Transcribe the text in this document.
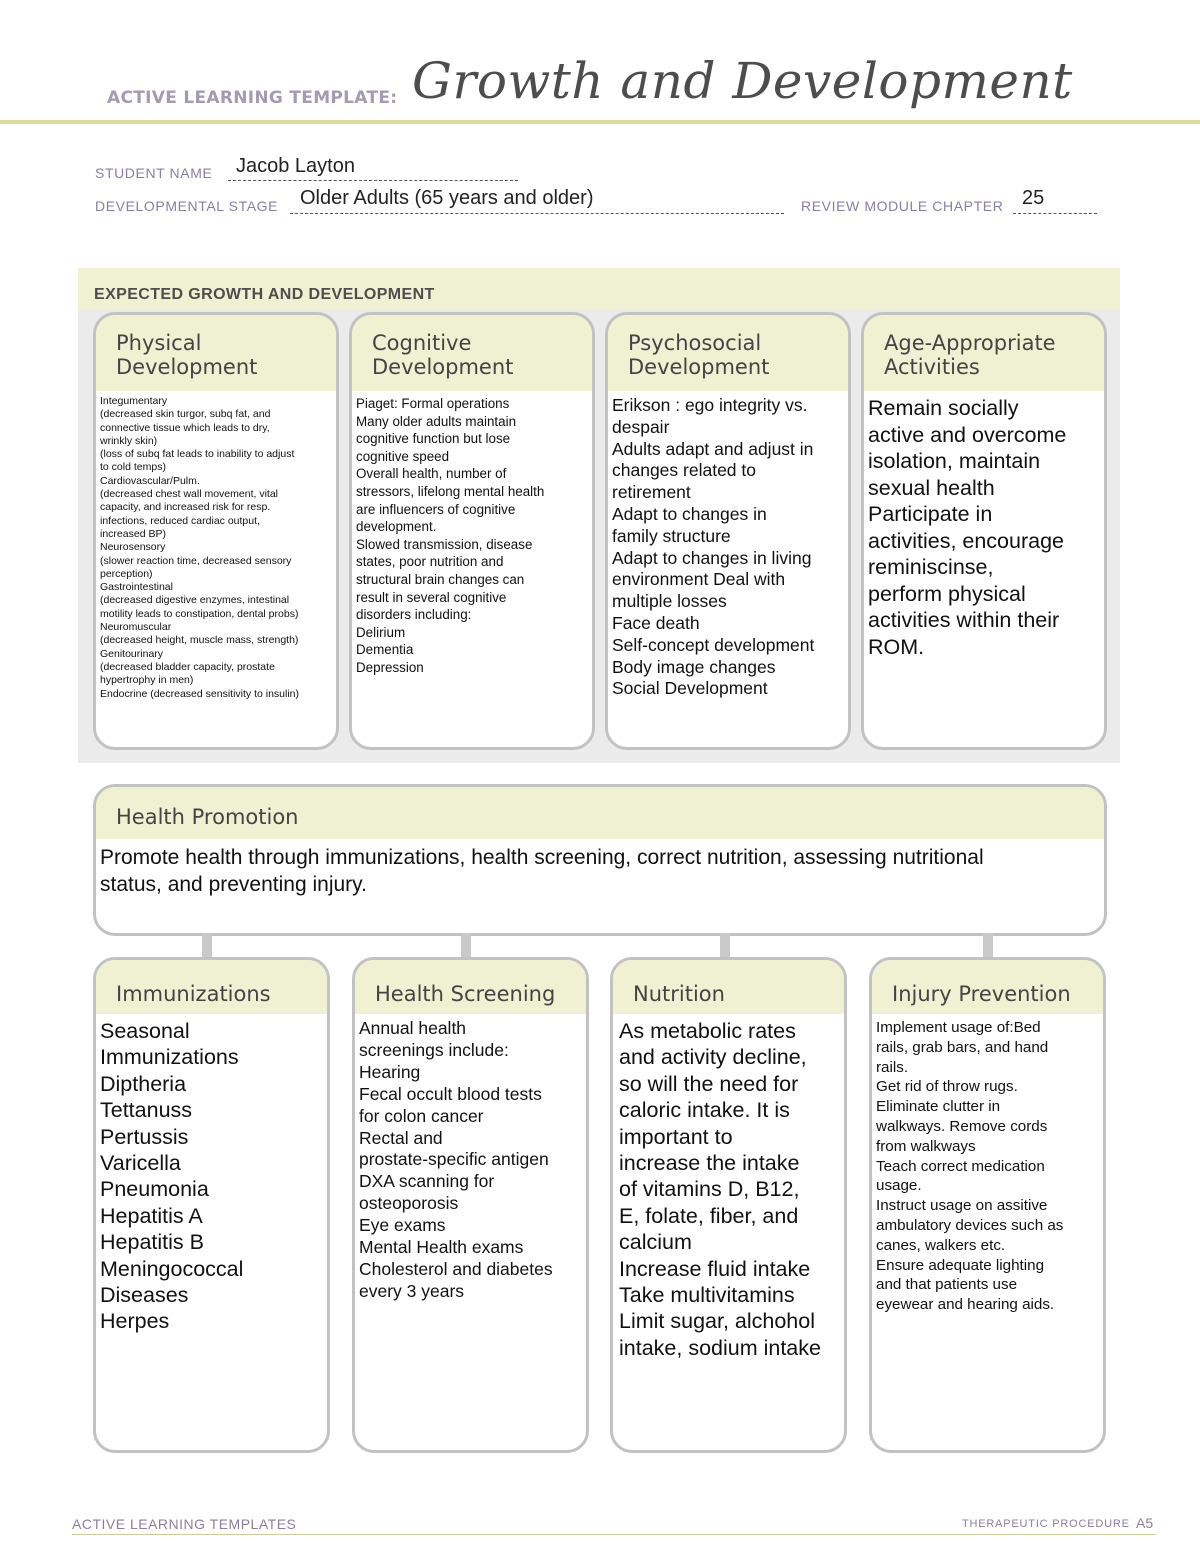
ACTIVE LEARNING TEMPLATE: Growth and Development
STUDENT NAME Jacob Layton
DEVELOPMENTAL STAGE Older Adults (65 years and older)	REVIEW MODULE CHAPTER 25
EXPECTED GROWTH AND DEVELOPMENT
Physical
Development
Integumentary
(decreased skin turgor, subq fat, and
connective tissue which leads to dry,
wrinkly skin)
(loss of subq fat leads to inability to adjust
to cold temps)
Cardiovascular/Pulm.
(decreased chest wall movement, vital
capacity, and increased risk for resp.
infections, reduced cardiac output,
increased BP)
Neurosensory
(slower reaction time, decreased sensory
perception)
Gastrointestinal
(decreased digestive enzymes, intestinal
motility leads to constipation, dental probs)
Neuromuscular
(decreased height, muscle mass, strength)
Genitourinary
(decreased bladder capacity, prostate
hypertrophy in men)
Endocrine (decreased sensitivity to insulin)
Cognitive
Development
Piaget: Formal operations
Many older adults maintain
cognitive function but lose
cognitive speed
Overall health, number of
stressors, lifelong mental health
are influencers of cognitive
development.
Slowed transmission, disease
states, poor nutrition and
structural brain changes can
result in several cognitive
disorders including:
Delirium
Dementia
Depression
Psychosocial
Development
Erikson : ego integrity vs.
despair
Adults adapt and adjust in
changes related to
retirement
Adapt to changes in
family structure
Adapt to changes in living
environment Deal with
multiple losses
Face death
Self-concept development
Body image changes
Social Development
Age-Appropriate
Activities
Remain socially
active and overcome
isolation, maintain
sexual health
Participate in
activities, encourage
reminiscinse,
perform physical
activities within their
ROM.
Health Promotion
Promote health through immunizations, health screening, correct nutrition, assessing nutritional
status, and preventing injury.
Immunizations
Seasonal
Immunizations
Diptheria
Tettanuss
Pertussis
Varicella
Pneumonia
Hepatitis A
Hepatitis B
Meningococcal
Diseases
Herpes
Health Screening
Annual health
screenings include:
Hearing
Fecal occult blood tests
for colon cancer
Rectal and
prostate-specific antigen
DXA scanning for
osteoporosis
Eye exams
Mental Health exams
Cholesterol and diabetes
every 3 years
Nutrition
As metabolic rates
and activity decline,
so will the need for
caloric intake. It is
important to
increase the intake
of vitamins D, B12,
E, folate, fiber, and
calcium
Increase fluid intake
Take multivitamins
Limit sugar, alchohol
intake, sodium intake
Injury Prevention
Implement usage of:Bed
rails, grab bars, and hand
rails.
Get rid of throw rugs.
Eliminate clutter in
walkways. Remove cords
from walkways
Teach correct medication
usage.
Instruct usage on assitive
ambulatory devices such as
canes, walkers etc.
Ensure adequate lighting
and that patients use
eyewear and hearing aids.
ACTIVE LEARNING TEMPLATES	THERAPEUTIC PROCEDURE A5
